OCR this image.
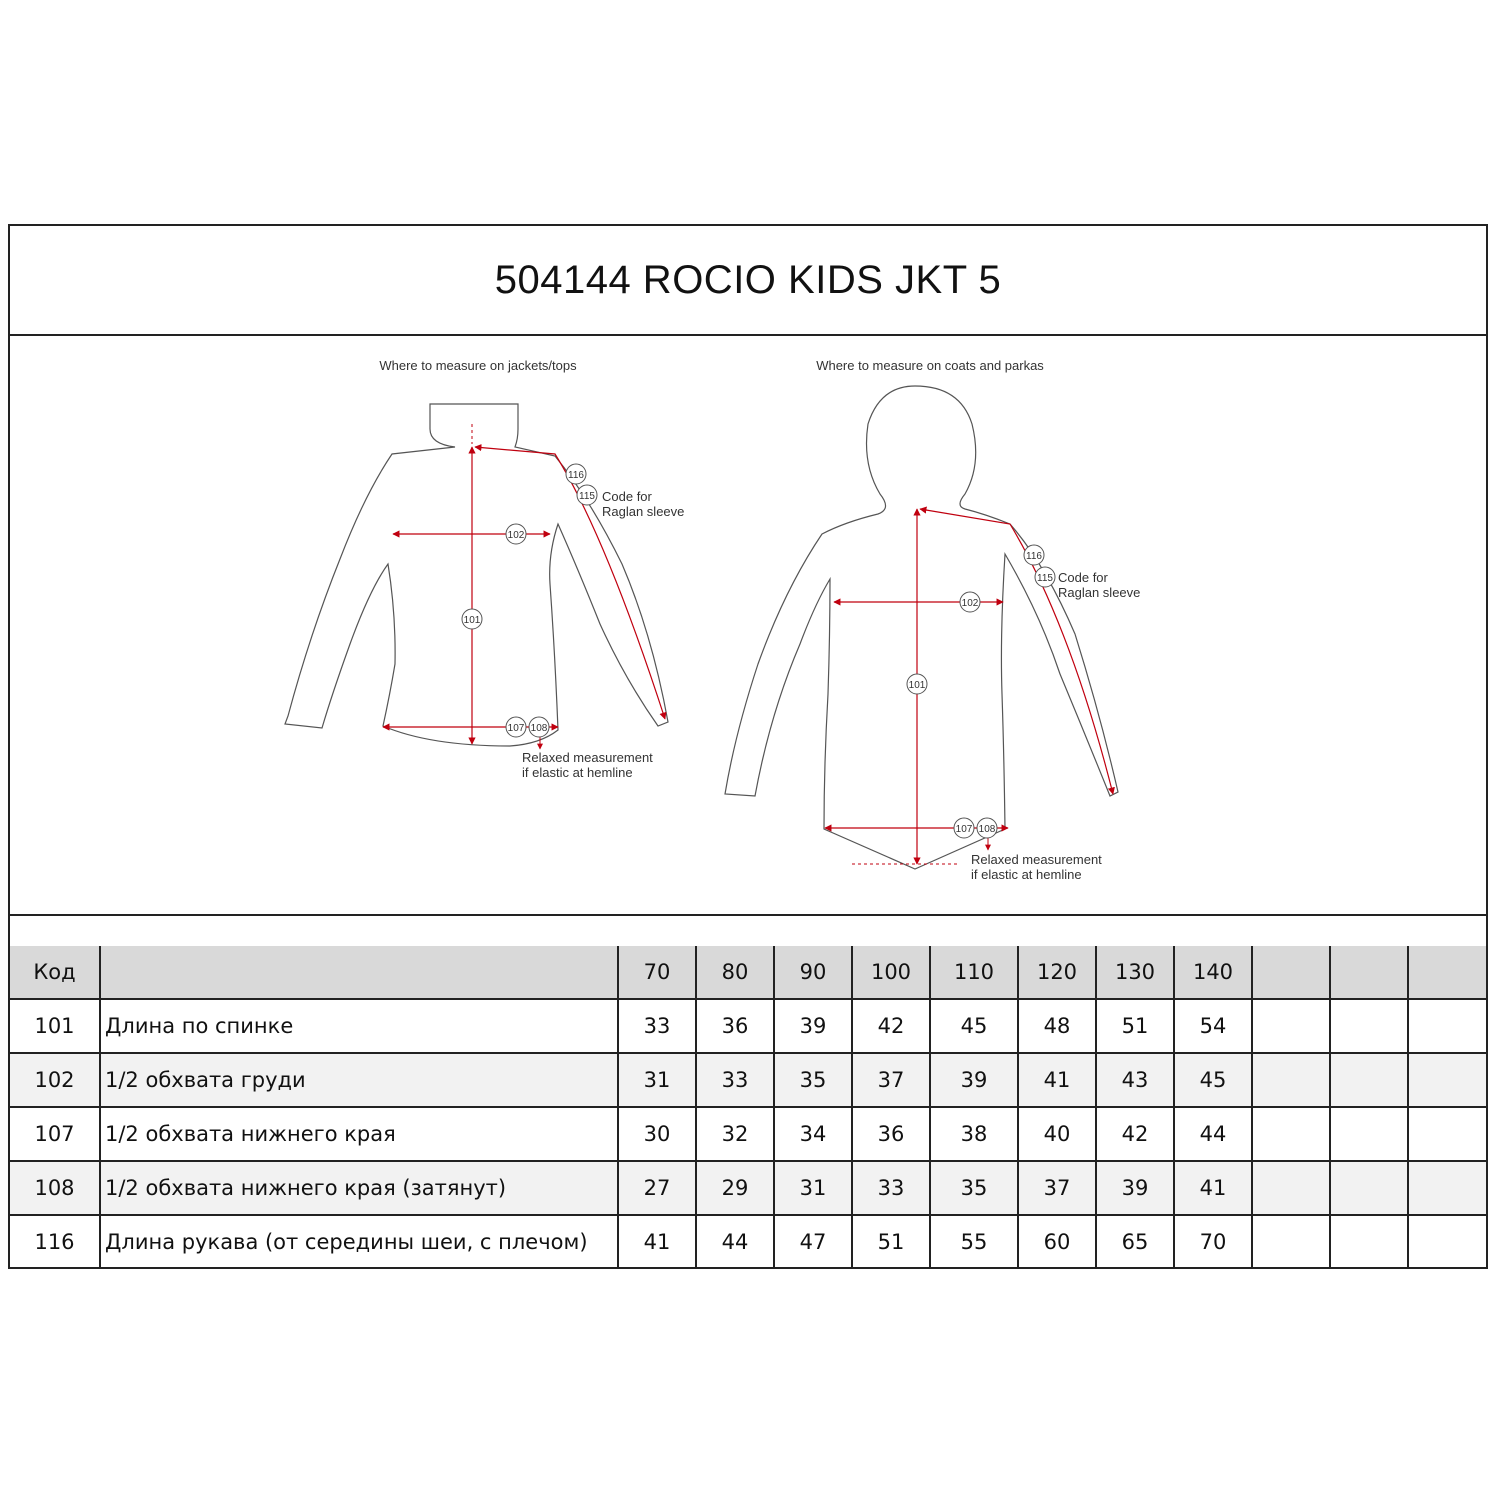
504144 ROCIO KIDS JKT 5
Where to measure on jackets/tops
116
115 Code for
Raglan sleeve
102
101
107 108
Relaxed measurement
if elastic at hemline
Where to measure on coats and parkas
116
115 Code for
Raglan sleeve
102
101
107 108
Relaxed measurement
if elastic at hemline
Код		70	80	90	100	110	120	130	140			
101	Длина по спинке	33	36	39	42	45	48	51	54			
102	1/2 обхвата груди	31	33	35	37	39	41	43	45			
107	1/2 обхвата нижнего края	30	32	34	36	38	40	42	44			
108	1/2 обхвата нижнего края (затянут)	27	29	31	33	35	37	39	41			
116	Длина рукава (от середины шеи, с плечом)	41	44	47	51	55	60	65	70			
